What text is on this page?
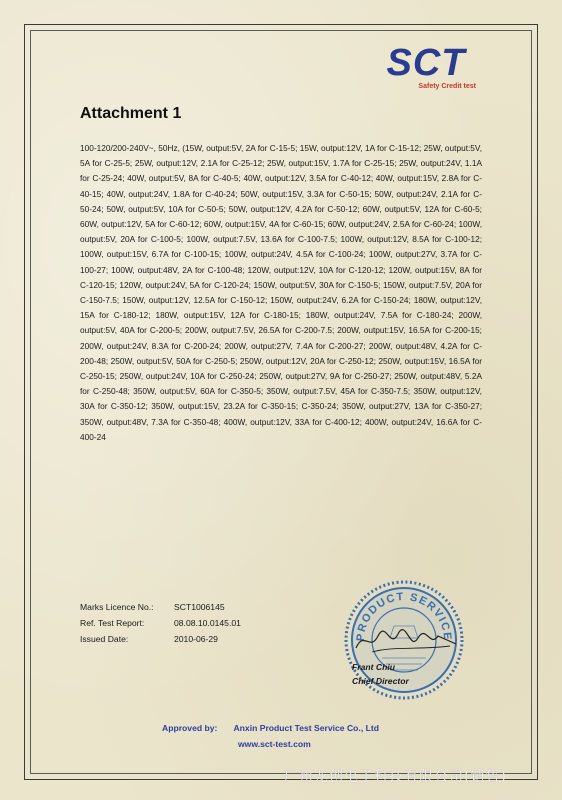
SCT
Safety Credit test
Attachment 1
100-120/200-240V~, 50Hz, (15W, output:5V, 2A for C-15-5; 15W, output:12V, 1A for C-15-12; 25W, output:5V, 5A for C-25-5; 25W, output:12V, 2.1A for C-25-12; 25W, output:15V, 1.7A for C-25-15; 25W, output:24V, 1.1A for C-25-24; 40W, output:5V, 8A for C-40-5; 40W, output:12V, 3.5A for C-40-12; 40W, output:15V, 2.8A for C-40-15; 40W, output:24V, 1.8A for C-40-24; 50W, output:15V, 3.3A for C-50-15; 50W, output:24V, 2.1A for C-50-24; 50W, output:5V, 10A for C-50-5; 50W, output:12V, 4.2A for C-50-12; 60W, output:5V, 12A for C-60-5; 60W, output:12V, 5A for C-60-12; 60W, output:15V, 4A for C-60-15; 60W, output:24V, 2.5A for C-60-24; 100W, output:5V, 20A for C-100-5; 100W, output:7.5V, 13.6A for C-100-7.5; 100W, output:12V, 8.5A for C-100-12; 100W, output:15V, 6.7A for C-100-15; 100W, output:24V, 4.5A for C-100-24; 100W, output:27V, 3.7A for C-100-27; 100W, output:48V, 2A for C-100-48; 120W, output:12V, 10A for C-120-12; 120W, output:15V, 8A for C-120-15; 120W, output:24V, 5A for C-120-24; 150W, output:5V, 30A for C-150-5; 150W, output:7.5V, 20A for C-150-7.5; 150W, output:12V, 12.5A for C-150-12; 150W, output:24V, 6.2A for C-150-24; 180W, output:12V, 15A for C-180-12; 180W, output:15V, 12A for C-180-15; 180W, output:24V, 7.5A for C-180-24; 200W, output:5V, 40A for C-200-5; 200W, output:7.5V, 26.5A for C-200-7.5; 200W, output:15V, 16.5A for C-200-15; 200W, output:24V, 8.3A for C-200-24; 200W, output:27V, 7.4A for C-200-27; 200W, output:48V, 4.2A for C-200-48; 250W, output:5V, 50A for C-250-5; 250W, output:12V, 20A for C-250-12; 250W, output:15V, 16.5A for C-250-15; 250W, output:24V, 10A for C-250-24; 250W, output:27V, 9A for C-250-27; 250W, output:48V, 5.2A for C-250-48; 350W, output:5V, 60A for C-350-5; 350W, output:7.5V, 45A for C-350-7.5; 350W, output:12V, 30A for C-350-12; 350W, output:15V, 23.2A for C-350-15; C-350-24; 350W, output:27V, 13A for C-350-27; 350W, output:48V, 7.3A for C-350-48; 400W, output:12V, 33A for C-400-12; 400W, output:24V, 16.6A for C-400-24
Marks Licence No.:	SCT1006145
Ref. Test Report:	08.08.10.0145.01
Issued Date:	2010-06-29	PRODUCT SERVICE
Frant Chiu
Chief Director
Approved by: Anxin Product Test Service Co., Ltd
www.sct-test.com
广州龙创电子科技有限公司(销售)
